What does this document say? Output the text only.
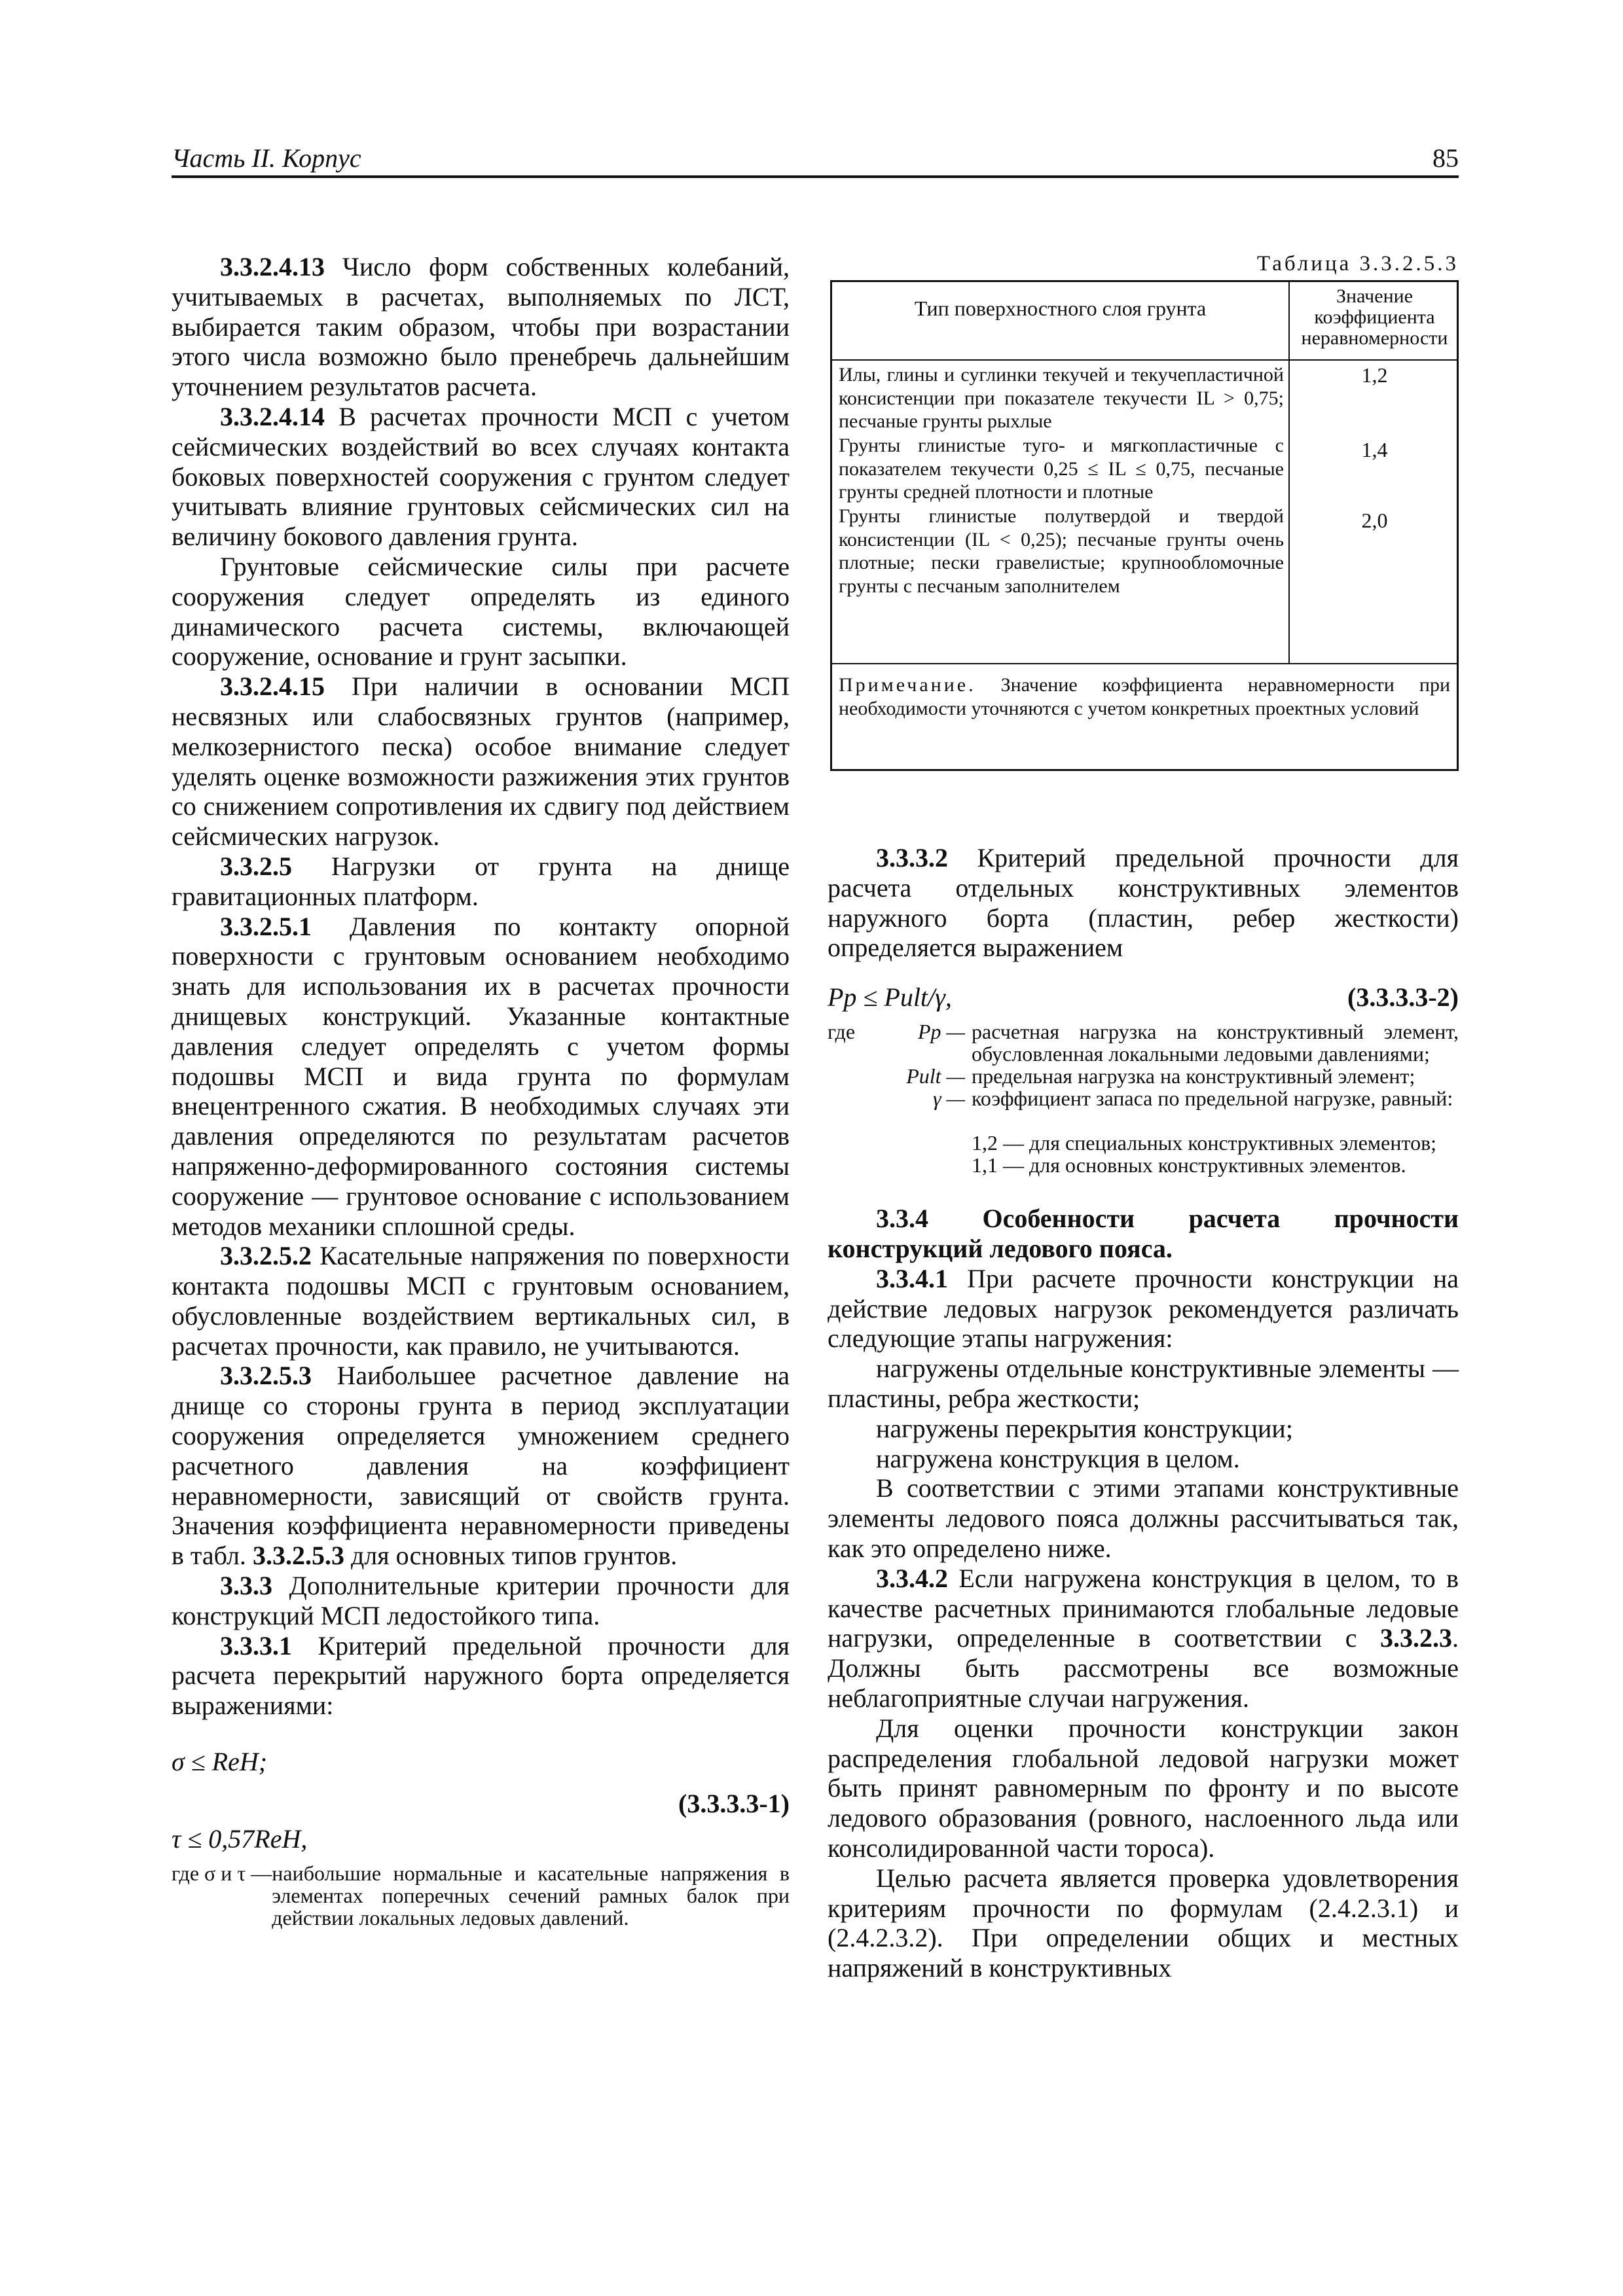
Часть II. Корпус	85

3.3.2.4.13 Число форм собственных колебаний, учитываемых в расчетах, выполняемых по ЛСТ, выбирается таким образом, чтобы при возрастании этого числа возможно было пренебречь дальнейшим уточнением результатов расчета.

3.3.2.4.14 В расчетах прочности МСП с учетом сейсмических воздействий во всех случаях контакта боковых поверхностей сооружения с грунтом следует учитывать влияние грунтовых сейсмических сил на величину бокового давления грунта.

Грунтовые сейсмические силы при расчете сооружения следует определять из единого динамического расчета системы, включающей сооружение, основание и грунт засыпки.

3.3.2.4.15 При наличии в основании МСП несвязных или слабосвязных грунтов (например, мелкозернистого песка) особое внимание следует уделять оценке возможности разжижения этих грунтов со снижением сопротивления их сдвигу под действием сейсмических нагрузок.

3.3.2.5 Нагрузки от грунта на днище гравитационных платформ.

3.3.2.5.1 Давления по контакту опорной поверхности с грунтовым основанием необходимо знать для использования их в расчетах прочности днищевых конструкций. Указанные контактные давления следует определять с учетом формы подошвы МСП и вида грунта по формулам внецентренного сжатия. В необходимых случаях эти давления определяются по результатам расчетов напряженно-деформированного состояния системы сооружение — грунтовое основание с использованием методов механики сплошной среды.

3.3.2.5.2 Касательные напряжения по поверхности контакта подошвы МСП с грунтовым основанием, обусловленные воздействием вертикальных сил, в расчетах прочности, как правило, не учитываются.

3.3.2.5.3 Наибольшее расчетное давление на днище со стороны грунта в период эксплуатации сооружения определяется умножением среднего расчетного давления на коэффициент неравномерности, зависящий от свойств грунта. Значения коэффициента неравномерности приведены в табл. 3.3.2.5.3 для основных типов грунтов.

3.3.3 Дополнительные критерии прочности для конструкций МСП ледостойкого типа.

3.3.3.1 Критерий предельной прочности для расчета перекрытий наружного борта определяется выражениями:

σ ≤ ReH;
(3.3.3.3-1)
τ ≤ 0,57ReH,
где σ и τ — наибольшие нормальные и касательные напряжения в элементах поперечных сечений рамных балок при действии локальных ледовых давлений.
Таблица 3.3.2.5.3
Тип поверхностного слоя грунта
Значение коэффициента неравномерности
Илы, глины и суглинки текучей и текучепластичной консистенции при показателе текучести IL > 0,75; песчаные грунты рыхлые
1,2
Грунты глинистые туго- и мягкопластичные с показателем текучести 0,25 ≤ IL ≤ 0,75, песчаные грунты средней плотности и плотные
1,4
Грунты глинистые полутвердой и твердой консистенции (IL < 0,25); песчаные грунты очень плотные; пески гравелистые; крупнообломочные грунты с песчаным заполнителем
2,0
Примечание. Значение коэффициента неравномерности при необходимости уточняются с учетом конкретных проектных условий

3.3.3.2 Критерий предельной прочности для расчета отдельных конструктивных элементов наружного борта (пластин, ребер жесткости) определяется выражением

Pp ≤ Pult/γ,	(3.3.3.3-2)
где	Pp — расчетная нагрузка на конструктивный элемент, обусловленная локальными ледовыми давлениями;
Pult — предельная нагрузка на конструктивный элемент;
γ — коэффициент запаса по предельной нагрузке, равный:
1,2 — для специальных конструктивных элементов;
1,1 — для основных конструктивных элементов.

3.3.4 Особенности расчета прочности конструкций ледового пояса.

3.3.4.1 При расчете прочности конструкции на действие ледовых нагрузок рекомендуется различать следующие этапы нагружения:

нагружены отдельные конструктивные элементы — пластины, ребра жесткости;

нагружены перекрытия конструкции;

нагружена конструкция в целом.

В соответствии с этими этапами конструктивные элементы ледового пояса должны рассчитываться так, как это определено ниже.

3.3.4.2 Если нагружена конструкция в целом, то в качестве расчетных принимаются глобальные ледовые нагрузки, определенные в соответствии с 3.3.2.3. Должны быть рассмотрены все возможные неблагоприятные случаи нагружения.

Для оценки прочности конструкции закон распределения глобальной ледовой нагрузки может быть принят равномерным по фронту и по высоте ледового образования (ровного, наслоенного льда или консолидированной части тороса).

Целью расчета является проверка удовлетворения критериям прочности по формулам (2.4.2.3.1) и (2.4.2.3.2). При определении общих и местных напряжений в конструктивных
